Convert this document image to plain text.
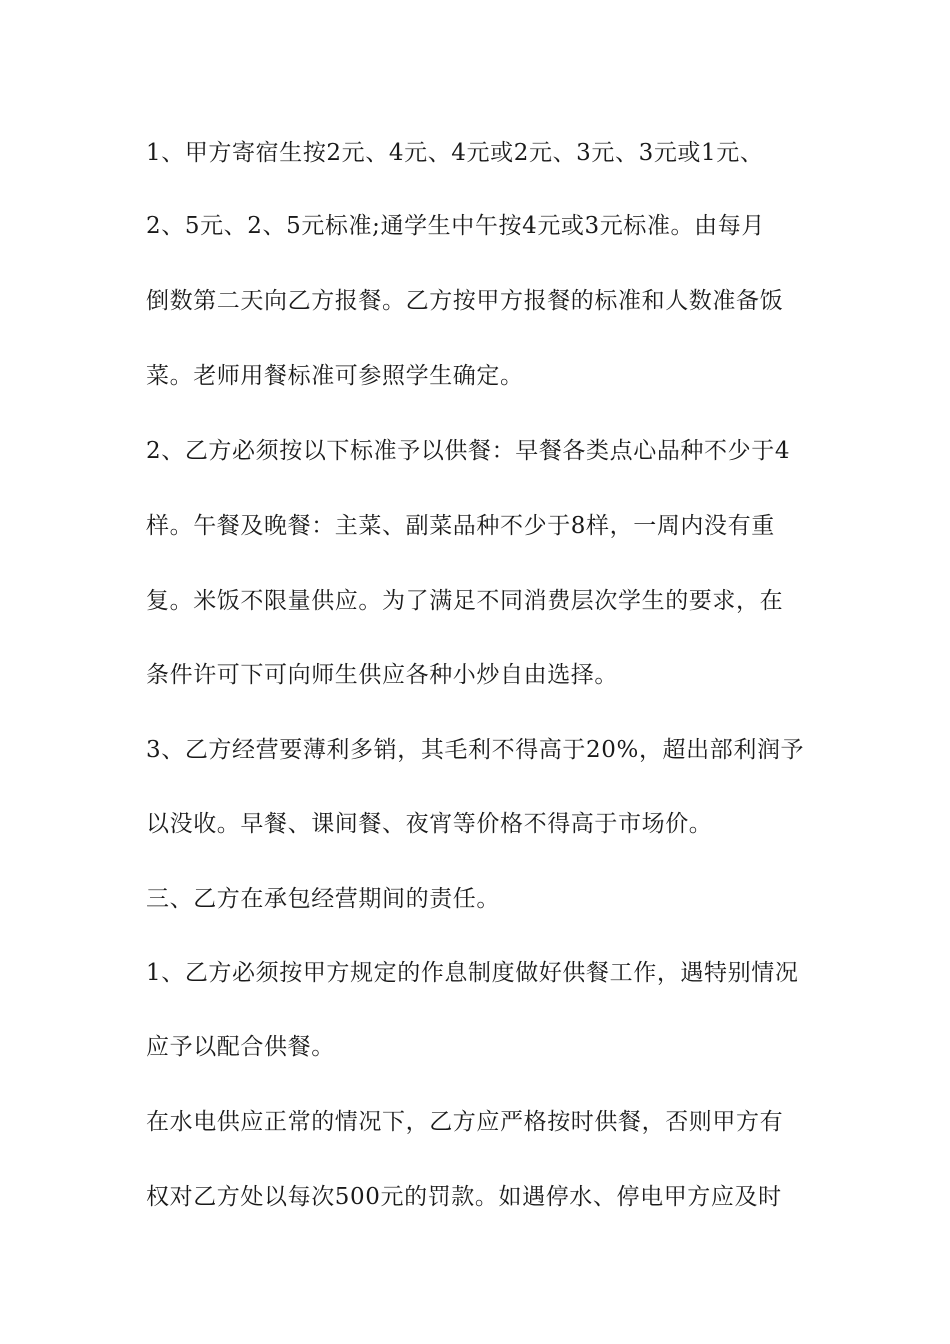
1、甲方寄宿生按2元、4元、4元或2元、3元、3元或1元、
2、5元、2、5元标准;通学生中午按4元或3元标准。由每月
倒数第二天向乙方报餐。乙方按甲方报餐的标准和人数准备饭
菜。老师用餐标准可参照学生确定。
2、乙方必须按以下标准予以供餐：早餐各类点心品种不少于4
样。午餐及晚餐：主菜、副菜品种不少于8样，一周内没有重
复。米饭不限量供应。为了满足不同消费层次学生的要求，在
条件许可下可向师生供应各种小炒自由选择。
3、乙方经营要薄利多销，其毛利不得高于20%，超出部利润予
以没收。早餐、课间餐、夜宵等价格不得高于市场价。
三、乙方在承包经营期间的责任。
1、乙方必须按甲方规定的作息制度做好供餐工作，遇特别情况
应予以配合供餐。
在水电供应正常的情况下，乙方应严格按时供餐，否则甲方有
权对乙方处以每次500元的罚款。如遇停水、停电甲方应及时
